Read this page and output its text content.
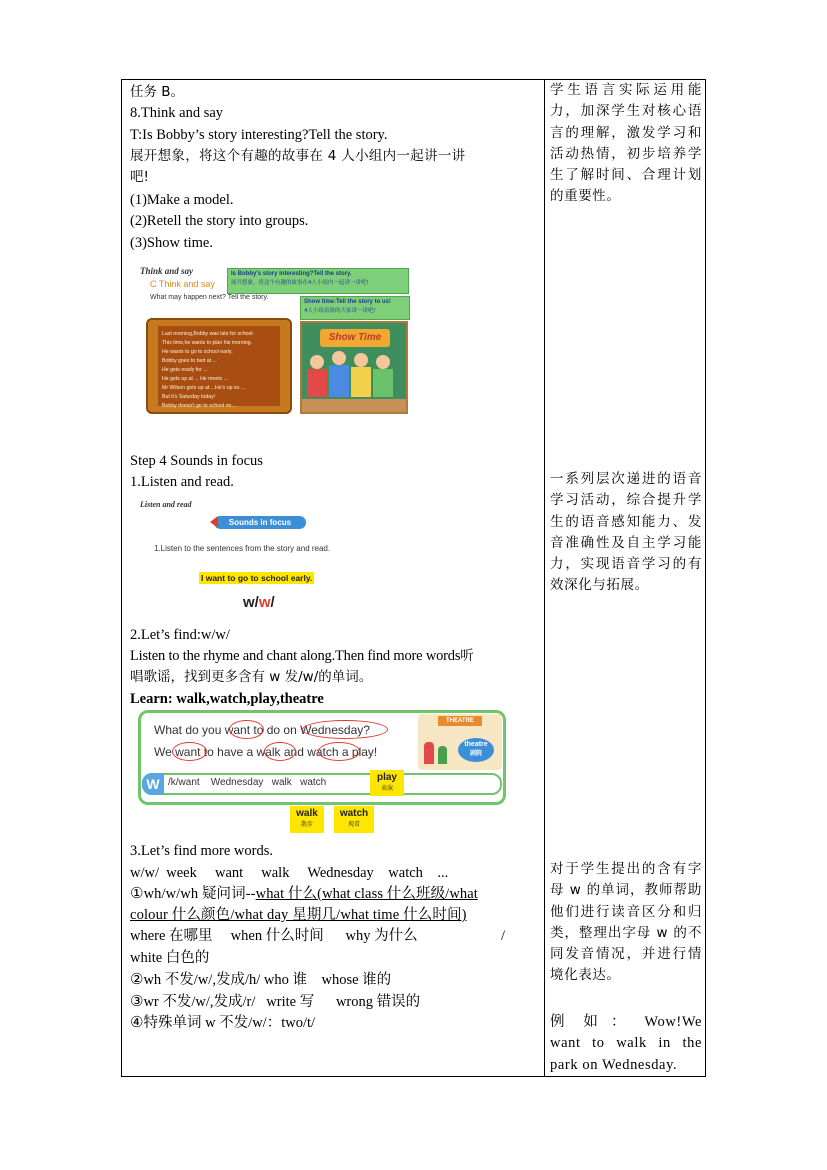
任务 B。
8.Think and say
T:Is Bobby’s story interesting?Tell the story.
展开想象，将这个有趣的故事在 4 人小组内一起讲一讲
吧!
(1)Make a model.
(2)Retell the story into groups.
(3)Show time.
Think and say
C Think and say
What may happen next? Tell the story.
Is Bobby's story interesting?Tell the story.
展开想象，将这个有趣的故事在4人小组内一起讲一讲吧!
Show time:Tell the story to us!
4人小组表演的大家讲一讲吧!
Last morning,Bobby was late for school.
This time,he wants to plan his morning.
He wants to go to school early.
Bobby goes to bed at ...
He gets ready for ...
He gets up at ... He meets ...
Mr Wilson gets up at ...He's up so ...
But it's Saturday today!
Bobby doesn't go to school on...
Show Time
Step 4 Sounds in focus
1.Listen and read.
Listen and read
Sounds in focus
1.Listen to the sentences from the story and read.
I want to go to school early.
w/w/
2.Let’s find:w/w/
Listen to the rhyme and chant along.Then find more words听
唱歌谣，找到更多含有 w 发/w/的单词。
Learn: walk,watch,play,theatre
What do you want to do on Wednesday?
We want to have a walk and watch a play!
THEATRE
theatre
剧院
W /k/want    Wednesday   walk   watch	play
表演
walk
散步
watch
观看
3.Let’s find more words.
w/w/  week     want     walk     Wednesday    watch    ...
①wh/w/wh 疑问词--what 什么(what class 什么班级/what
colour 什么颜色/what day 星期几/what time 什么时间)
where 在哪里 when 什么时间 why 为什么	/
white 白色的
②wh 不发/w/,发成/h/ who 谁    whose 谁的
③wr 不发/w/,发成/r/   write 写      wrong 错误的
④特殊单词 w 不发/w/：two/t/
学生语言实际运用能力，加深学生对核心语言的理解，激发学习和活动热情，初步培养学生了解时间、合理计划的重要性。
一系列层次递进的语音学习活动，综合提升学生的语音感知能力、发音准确性及自主学习能力，实现语音学习的有效深化与拓展。
对于学生提出的含有字母 w 的单词，教师帮助他们进行读音区分和归类，整理出字母 w 的不同发音情况，并进行情境化表达。
例   如  ：   Wow!We want  to  walk  in  the park on Wednesday.
